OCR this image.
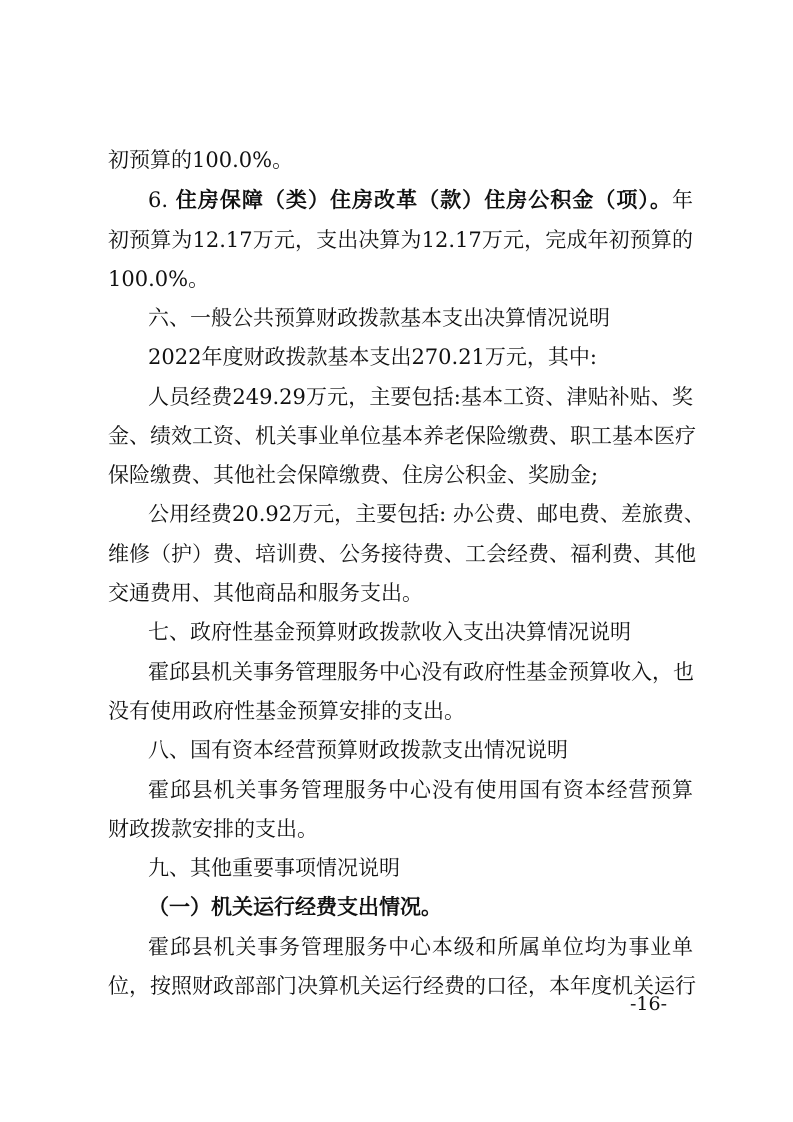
初预算的100.0%。
6. 住房保障（类）住房改革（款）住房公积金（项）。年
初预算为12.17万元，支出决算为12.17万元，完成年初预算的
100.0%。
六、一般公共预算财政拨款基本支出决算情况说明
2022年度财政拨款基本支出270.21万元，其中:
人员经费249.29万元，主要包括:基本工资、津贴补贴、奖
金、绩效工资、机关事业单位基本养老保险缴费、职工基本医疗
保险缴费、其他社会保障缴费、住房公积金、奖励金;
公用经费20.92万元，主要包括: 办公费、邮电费、差旅费、
维修（护）费、培训费、公务接待费、工会经费、福利费、其他
交通费用、其他商品和服务支出。
七、政府性基金预算财政拨款收入支出决算情况说明
霍邱县机关事务管理服务中心没有政府性基金预算收入，也
没有使用政府性基金预算安排的支出。
八、国有资本经营预算财政拨款支出情况说明
霍邱县机关事务管理服务中心没有使用国有资本经营预算
财政拨款安排的支出。
九、其他重要事项情况说明
（一）机关运行经费支出情况。
霍邱县机关事务管理服务中心本级和所属单位均为事业单
位，按照财政部部门决算机关运行经费的口径，本年度机关运行
-16-
